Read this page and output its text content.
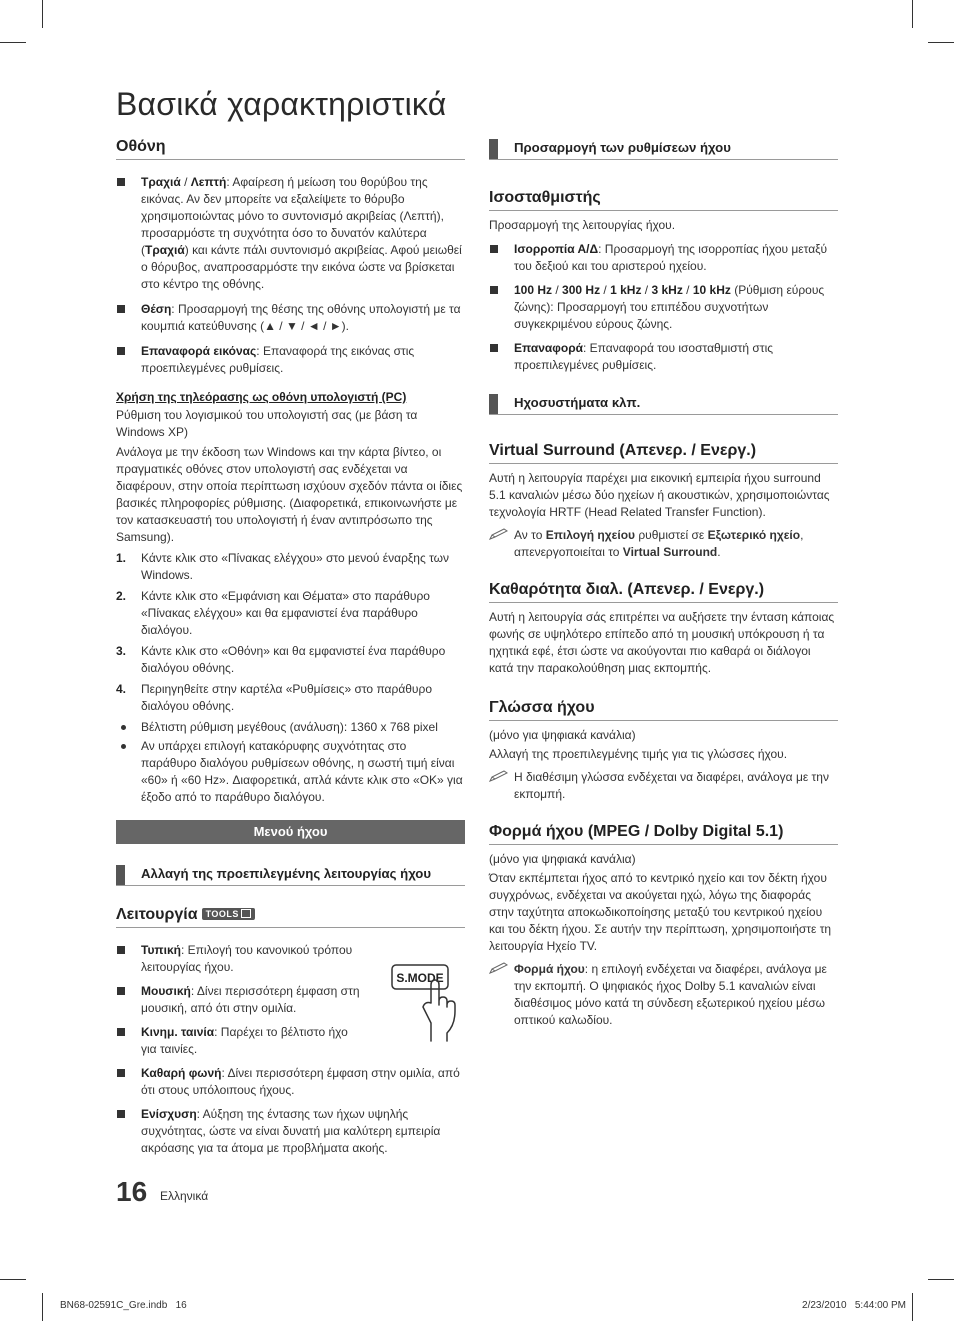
Βασικά χαρακτηριστικά
Οθόνη
Τραχιά / Λεπτή: Αφαίρεση ή μείωση του θορύβου της εικόνας. Αν δεν μπορείτε να εξαλείψετε το θόρυβο χρησιμοποιώντας μόνο το συντονισμό ακριβείας (Λεπτή), προσαρμόστε τη συχνότητα όσο το δυνατόν καλύτερα (Τραχιά) και κάντε πάλι συντονισμό ακριβείας. Αφού μειωθεί ο θόρυβος, αναπροσαρμόστε την εικόνα ώστε να βρίσκεται στο κέντρο της οθόνης.
Θέση: Προσαρμογή της θέσης της οθόνης υπολογιστή με τα κουμπιά κατεύθυνσης (▲ / ▼ / ◄ / ►).
Επαναφορά εικόνας: Επαναφορά της εικόνας στις προεπιλεγμένες ρυθμίσεις.
Χρήση της τηλεόρασης ως οθόνη υπολογιστή (PC)

Ρύθμιση του λογισμικού του υπολογιστή σας (με βάση τα Windows XP)

Ανάλογα με την έκδοση των Windows και την κάρτα βίντεο, οι πραγματικές οθόνες στον υπολογιστή σας ενδέχεται να διαφέρουν, στην οποία περίπτωση ισχύουν σχεδόν πάντα οι ίδιες βασικές πληροφορίες ρύθμισης. (Διαφορετικά, επικοινωνήστε με τον κατασκευαστή του υπολογιστή ή έναν αντιπρόσωπο της Samsung).

1. Κάντε κλικ στο «Πίνακας ελέγχου» στο μενού έναρξης των Windows.
2. Κάντε κλικ στο «Εμφάνιση και Θέματα» στο παράθυρο «Πίνακας ελέγχου» και θα εμφανιστεί ένα παράθυρο διαλόγου.
3. Κάντε κλικ στο «Οθόνη» και θα εμφανιστεί ένα παράθυρο διαλόγου οθόνης.
4. Περιηγηθείτε στην καρτέλα «Ρυθμίσεις» στο παράθυρο διαλόγου οθόνης.
Βέλτιστη ρύθμιση μεγέθους (ανάλυση): 1360 x 768 pixel
Αν υπάρχει επιλογή κατακόρυφης συχνότητας στο παράθυρο διαλόγου ρυθμίσεων οθόνης, η σωστή τιμή είναι «60» ή «60 Hz». Διαφορετικά, απλά κάντε κλικ στο «OK» για έξοδο από το παράθυρο διαλόγου.
Μενού ήχου
Αλλαγή της προεπιλεγμένης λειτουργίας ήχου
Λειτουργία TOOLS
Τυπική: Επιλογή του κανονικού τρόπου λειτουργίας ήχου.
Μουσική: Δίνει περισσότερη έμφαση στη μουσική, από ότι στην ομιλία.
Κινημ. ταινία: Παρέχει το βέλτιστο ήχο για ταινίες.
Καθαρή φωνή: Δίνει περισσότερη έμφαση στην ομιλία, από ότι στους υπόλοιπους ήχους.
Ενίσχυση: Αύξηση της έντασης των ήχων υψηλής συχνότητας, ώστε να είναι δυνατή μια καλύτερη εμπειρία ακρόασης για τα άτομα με προβλήματα ακοής.
S.MODE
Προσαρμογή των ρυθμίσεων ήχου
Ισοσταθμιστής

Προσαρμογή της λειτουργίας ήχου.

Ισορροπία Α/Δ: Προσαρμογή της ισορροπίας ήχου μεταξύ του δεξιού και του αριστερού ηχείου.
100 Hz / 300 Hz / 1 kHz / 3 kHz / 10 kHz (Ρύθμιση εύρους ζώνης): Προσαρμογή του επιπέδου συχνοτήτων συγκεκριμένου εύρους ζώνης.
Επαναφορά: Επαναφορά του ισοσταθμιστή στις προεπιλεγμένες ρυθμίσεις.
Ηχοσυστήματα κλπ.
Virtual Surround (Απενερ. / Ενεργ.)

Αυτή η λειτουργία παρέχει μια εικονική εμπειρία ήχου surround 5.1 καναλιών μέσω δύο ηχείων ή ακουστικών, χρησιμοποιώντας τεχνολογία HRTF (Head Related Transfer Function).

Αν το Επιλογή ηχείου ρυθμιστεί σε Εξωτερικό ηχείο, απενεργοποιείται το Virtual Surround.
Καθαρότητα διαλ. (Απενερ. / Ενεργ.)

Αυτή η λειτουργία σάς επιτρέπει να αυξήσετε την ένταση κάποιας φωνής σε υψηλότερο επίπεδο από τη μουσική υπόκρουση ή τα ηχητικά εφέ, έτσι ώστε να ακούγονται πιο καθαρά οι διάλογοι κατά την παρακολούθηση μιας εκπομπής.

Γλώσσα ήχου

(μόνο για ψηφιακά κανάλια)

Αλλαγή της προεπιλεγμένης τιμής για τις γλώσσες ήχου.

Η διαθέσιμη γλώσσα ενδέχεται να διαφέρει, ανάλογα με την εκπομπή.
Φορμά ήχου (MPEG / Dolby Digital 5.1)

(μόνο για ψηφιακά κανάλια)

Όταν εκπέμπεται ήχος από το κεντρικό ηχείο και τον δέκτη ήχου συγχρόνως, ενδέχεται να ακούγεται ηχώ, λόγω της διαφοράς στην ταχύτητα αποκωδικοποίησης μεταξύ του κεντρικού ηχείου και του δέκτη ήχου. Σε αυτήν την περίπτωση, χρησιμοποιήστε τη λειτουργία Ηχείο TV.

Φορμά ήχου: η επιλογή ενδέχεται να διαφέρει, ανάλογα με την εκπομπή. Ο ψηφιακός ήχος Dolby 5.1 καναλιών είναι διαθέσιμος μόνο κατά τη σύνδεση εξωτερικού ηχείου μέσω οπτικού καλωδίου.
16 Ελληνικά
BN68-02591C_Gre.indb   16	2/23/2010   5:44:00 PM
